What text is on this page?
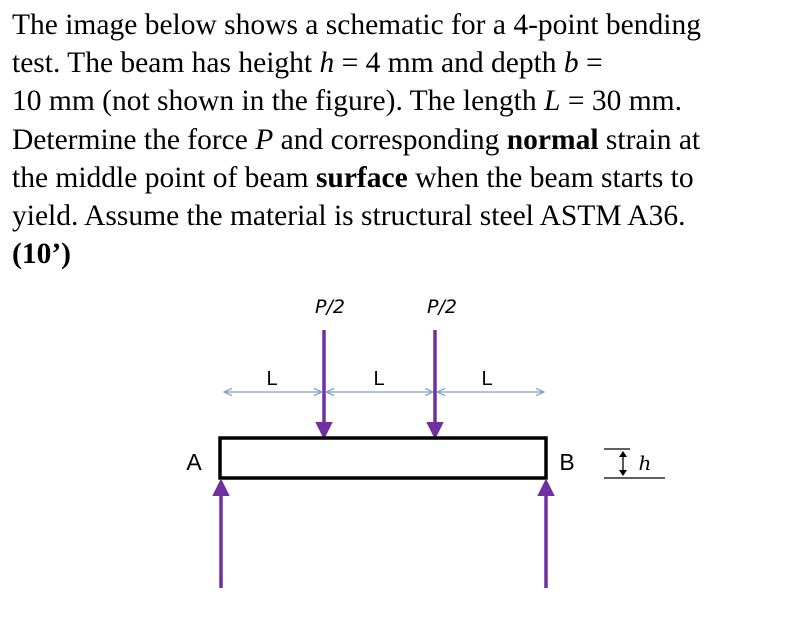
The image below shows a schematic for a 4-point bending
test. The beam has height h = 4 mm and depth b =
10 mm (not shown in the figure). The length L = 30 mm.
Determine the force P and corresponding normal strain at
the middle point of beam surface when the beam starts to
yield. Assume the material is structural steel ASTM A36.
(10’)
P/2	P/2
L	L	L
A	B	h
